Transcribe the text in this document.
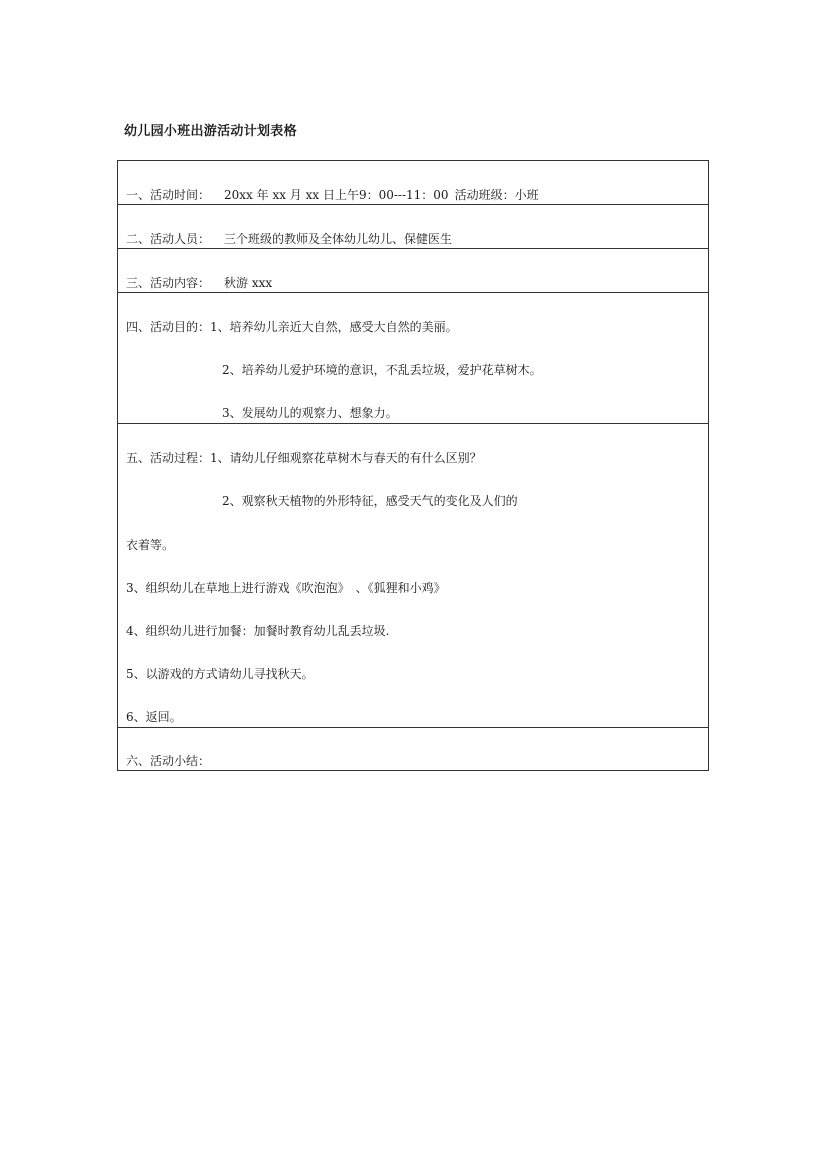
幼儿园小班出游活动计划表格
一、活动时间： 20xx 年 xx 月 xx 日上午9：00---11：00 活动班级：小班
二、活动人员： 三个班级的教师及全体幼儿幼儿、保健医生
三、活动内容： 秋游 xxx
四、活动目的：1、培养幼儿亲近大自然，感受大自然的美丽。
2、培养幼儿爱护环境的意识，不乱丢垃圾，爱护花草树木。
3、发展幼儿的观察力、想象力。
五、活动过程：1、请幼儿仔细观察花草树木与春天的有什么区别？
2、观察秋天植物的外形特征，感受天气的变化及人们的
衣着等。
3、组织幼儿在草地上进行游戏《吹泡泡》　、《狐狸和小鸡》
4、组织幼儿进行加餐：加餐时教育幼儿乱丢垃圾.
5、以游戏的方式请幼儿寻找秋天。
6、返回。
六、活动小结：
